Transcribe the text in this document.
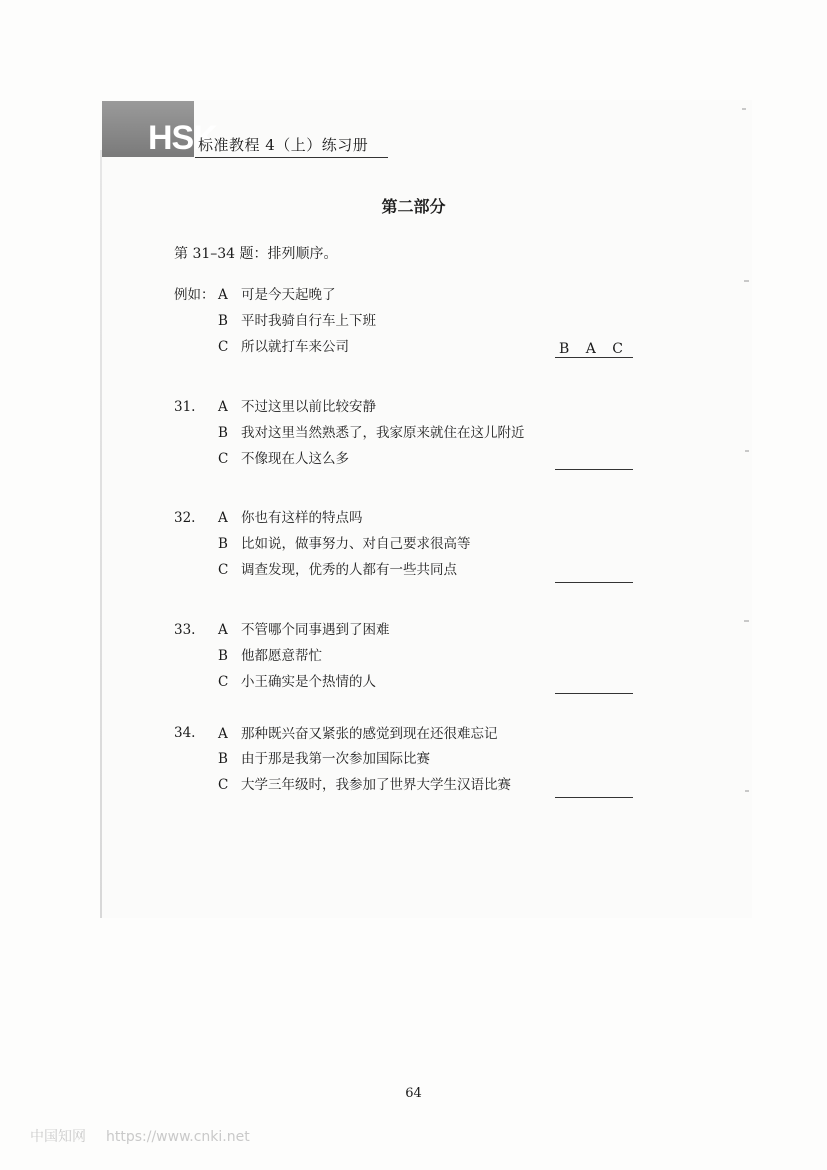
HSK
标准教程 4（上）练习册
第二部分
第 31–34 题：排列顺序。
例如： A 可是今天起晚了
B 平时我骑自行车上下班
C 所以就打车来公司	B A C
31. A 不过这里以前比较安静
B 我对这里当然熟悉了，我家原来就住在这儿附近
C 不像现在人这么多
32. A 你也有这样的特点吗
B 比如说，做事努力、对自己要求很高等
C 调查发现，优秀的人都有一些共同点
33. A 不管哪个同事遇到了困难
B 他都愿意帮忙
C 小王确实是个热情的人
34. A 那种既兴奋又紧张的感觉到现在还很难忘记
B 由于那是我第一次参加国际比赛
C 大学三年级时，我参加了世界大学生汉语比赛
64
中国知网 https://www.cnki.net
